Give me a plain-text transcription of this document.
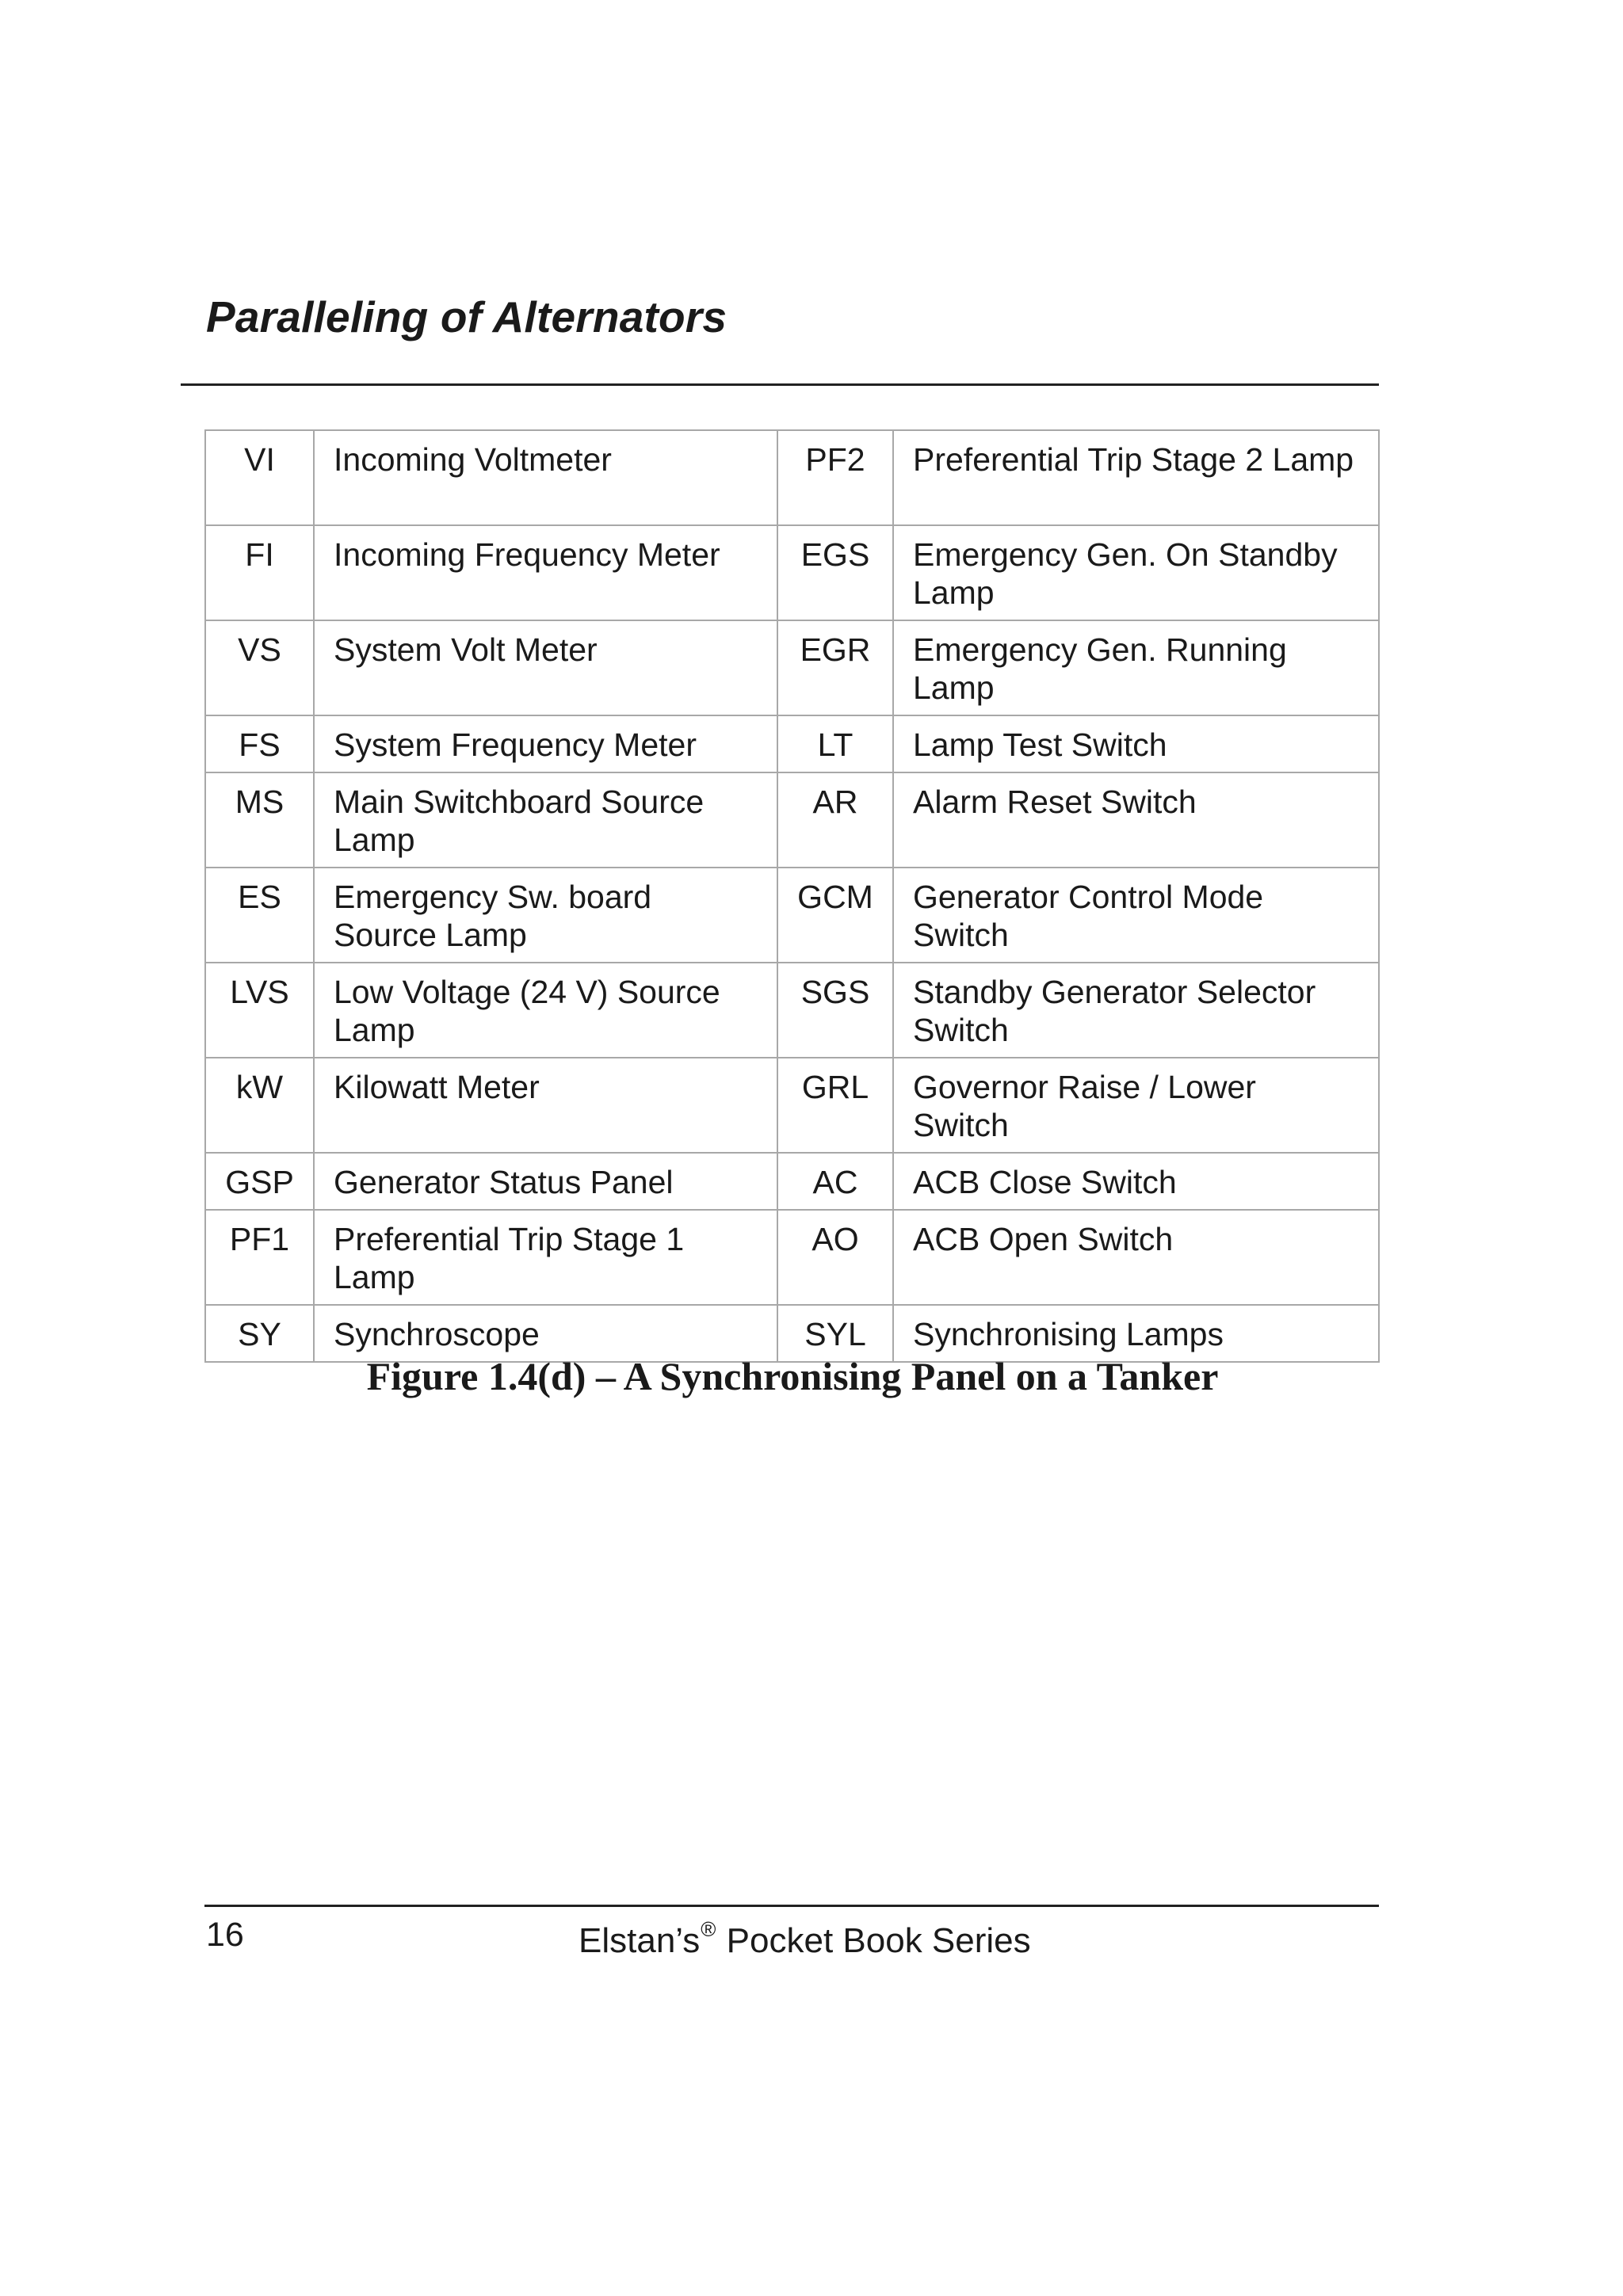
Paralleling of Alternators
VI	Incoming Voltmeter	PF2	Preferential Trip Stage 2 Lamp
FI	Incoming Frequency Meter	EGS	Emergency Gen. On Standby Lamp
VS	System Volt Meter	EGR	Emergency Gen. Running Lamp
FS	System Frequency Meter	LT	Lamp Test Switch
MS	Main Switchboard Source Lamp	AR	Alarm Reset Switch
ES	Emergency Sw. board Source Lamp	GCM	Generator Control Mode Switch
LVS	Low Voltage (24 V) Source Lamp	SGS	Standby Generator Selector Switch
kW	Kilowatt Meter	GRL	Governor Raise / Lower Switch
GSP	Generator Status Panel	AC	ACB Close Switch
PF1	Preferential Trip Stage 1 Lamp	AO	ACB Open Switch
SY	Synchroscope	SYL	Synchronising Lamps

Figure 1.4(d) – A Synchronising Panel on a Tanker

16	Elstan’s® Pocket Book Series
